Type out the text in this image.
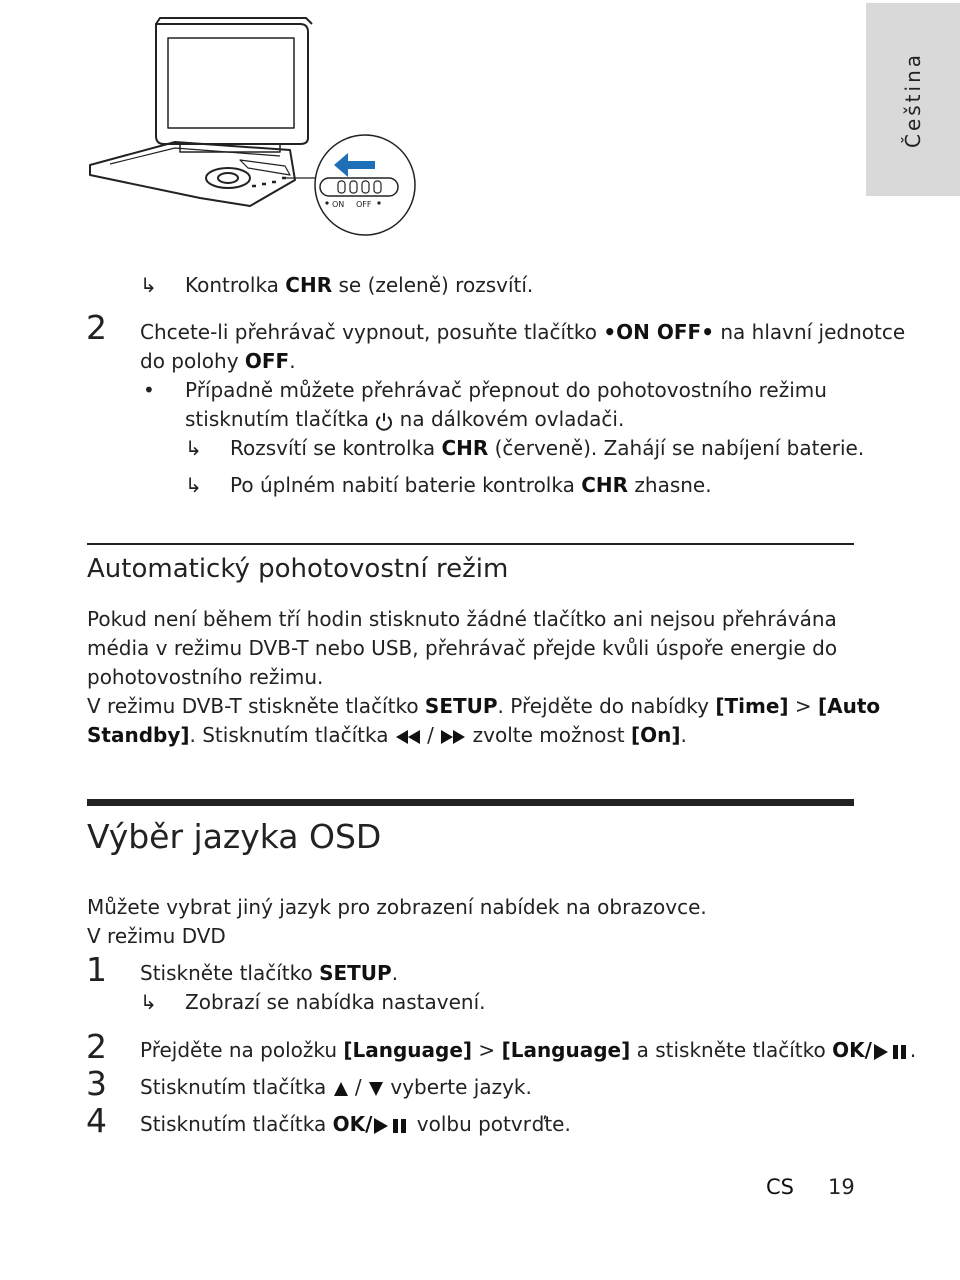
Čeština
ON OFF
↳ Kontrolka CHR se (zeleně) rozsvítí.
2 Chcete-li přehrávač vypnout, posuňte tlačítko •ON OFF• na hlavní jednotce
do polohy OFF.
• Případně můžete přehrávač přepnout do pohotovostního režimu
stisknutím tlačítka  na dálkovém ovladači.
↳ Rozsvítí se kontrolka CHR (červeně). Zahájí se nabíjení baterie.
↳ Po úplném nabití baterie kontrolka CHR zhasne.
Automatický pohotovostní režim
Pokud není během tří hodin stisknuto žádné tlačítko ani nejsou přehrávána
média v režimu DVB-T nebo USB, přehrávač přejde kvůli úspoře energie do
pohotovostního režimu.
V režimu DVB-T stiskněte tlačítko SETUP. Přejděte do nabídky [Time] > [Auto
Standby]. Stisknutím tlačítka  /  zvolte možnost [On].
Výběr jazyka OSD
Můžete vybrat jiný jazyk pro zobrazení nabídek na obrazovce.
V režimu DVD
1 Stiskněte tlačítko SETUP.
↳ Zobrazí se nabídka nastavení.
2 Přejděte na položku [Language] > [Language] a stiskněte tlačítko OK/ .
3 Stisknutím tlačítka  /  vyberte jazyk.
4 Stisknutím tlačítka OK/ volbu potvrďte.
CS 19
